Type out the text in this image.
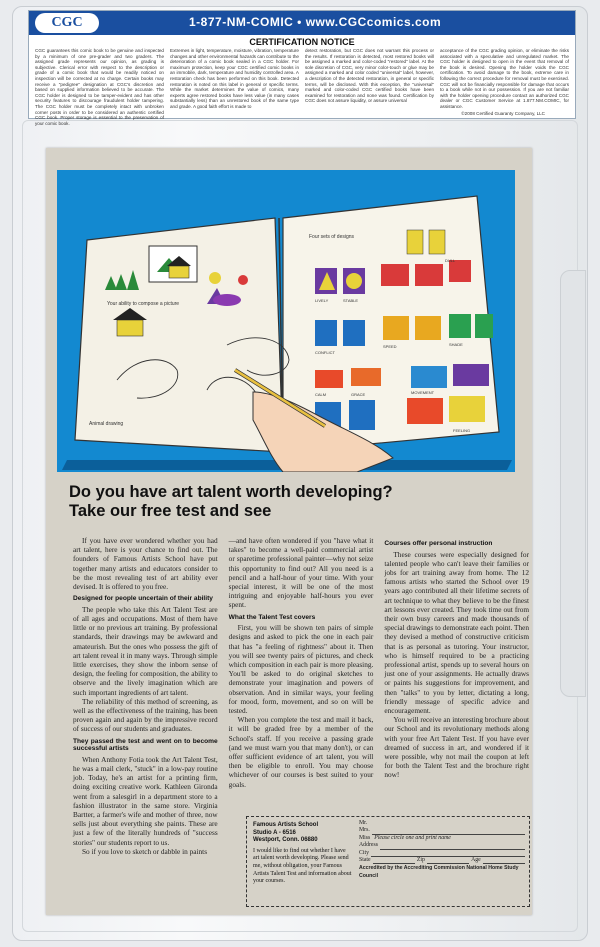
CGC	1-877-NM-COMIC • www.CGCcomics.com
CERTIFICATION NOTICE
CGC guarantees this comic book to be genuine and inspected by a minimum of one pre-grader and two graders. The assigned grade represents our opinion, as grading is subjective. Clerical error with respect to the description or grade of a comic book that would be readily noticed on inspection will be corrected at no charge. Certain books may receive a "pedigree" designation at CGC's discretion and based on supplied information believed to be accurate. The CGC holder is designed to be tamper-evident and has other security features to discourage fraudulent holder tampering. The CGC holder must be completely intact with unbroken corner posts in order to be considered an authentic certified CGC book. Proper storage is essential to the preservation of your comic book.
Extremes in light, temperature, moisture, vibration, temperature changes and other environmental hazards can contribute to the deterioration of a comic book sealed in a CGC holder. For maximum protection, keep your CGC certified comic books in an immobile, dark, temperature and humidity controlled area. A restoration check has been performed on this book. Detected restoration is noted on this label in general or specific terms. While the market determines the value of comics, many experts agree restored books have less value (in many cases substantially less) than an unrestored book of the same type and grade. A good faith effort is made to
detect restoration, but CGC does not warrant this process or the results. If restoration is detected, most restored books will be assigned a marked and color-coded "restored" label. At the sole discretion of CGC, very minor color-touch or glue may be assigned a marked and color coded "universal" label, however, a description of the detected restoration, in general or specific terms, will be disclosed. With this exception, the "universal" marked and color-coded CGC certified books have been examined for restoration and none was found. Certification by CGC does not assure liquidity, or assure universal
acceptance of the CGC grading opinion, or eliminate the risks associated with a speculative and unregulated market. The CGC holder is designed to open in the event that removal of the book is desired. Opening the holder voids the CGC certification. To avoid damage to the book, extreme care in following the correct procedure for removal must be exercised. CGC will not be financially responsible for damage that occurs to a book while not in our possession. If you are not familiar with the holder opening procedure contact an authorized CGC dealer or CGC Customer Service at 1.877.NM.COMIC, for assistance.
©2008 Certified Guaranty Company, LLC
Your ability to compose a picture
Animal drawing
Four sets of designs
LIVELY	STABLE
DULL
CONFLICT
SPEED	SHADE
CALM	GRACE	MOVEMENT
FEELING
Do you have art talent worth developing?
Take our free test and see

If you have ever wondered whether you had art talent, here is your chance to find out. The founders of Famous Artists School have put together many artists and educators consider to be the most revealing test of art ability ever devised. It is offered to you free.

Designed for people uncertain of their ability

The people who take this Art Talent Test are of all ages and occupations. Most of them have little or no previous art training. By professional standards, their drawings may be awkward and amateurish. But the ones who possess the gift of art talent reveal it in many ways. Through simple little exercises, they show the inborn sense of design, the feeling for composition, the ability to observe and the lively imagination which are such important ingredients of art talent.

The reliability of this method of screening, as well as the effectiveness of the training, has been proven again and again by the impressive record of success of our students and graduates.

They passed the test and went on to become successful artists

When Anthony Fotia took the Art Talent Test, he was a mail clerk, "stuck" in a low-pay routine job. Today, he's an artist for a printing firm, doing exciting creative work. Kathleen Gironda went from a salesgirl in a department store to a fashion illustrator in the same store. Virginia Bartter, a farmer's wife and mother of three, now sells just about everything she paints. These are just a few of the literally hundreds of "success stories" our students report to us.

So if you love to sketch or dabble in paints

—and have often wondered if you "have what it takes" to become a well-paid commercial artist or sparetime professional painter—why not seize this opportunity to find out? All you need is a pencil and a half-hour of your time. With your special interest, it will be one of the most intriguing and enjoyable half-hours you ever spent.

What the Talent Test covers

First, you will be shown ten pairs of simple designs and asked to pick the one in each pair that has "a feeling of rightness" about it. Then you will see twenty pairs of pictures, and check which composition in each pair is more pleasing. You'll be asked to do original sketches to demonstrate your imagination and powers of observation. And in similar ways, your feeling for mood, form, movement, and so on will be tested.

When you complete the test and mail it back, it will be graded free by a member of the School's staff. If you receive a passing grade (and we must warn you that many don't), or can offer sufficient evidence of art talent, you will then be eligible to enroll. You may choose whichever of our courses is best suited to your goals.

Courses offer personal instruction

These courses were especially designed for talented people who can't leave their families or jobs for art training away from home. The 12 famous artists who started the School over 19 years ago contributed all their lifetime secrets of art technique to what they believe to be the finest art lessons ever created. They took time out from their own busy careers and made thousands of special drawings to demonstrate each point. Then they devised a method of constructive criticism that is as personal as tutoring. Your instructor, who is himself required to be a practicing professional artist, spends up to several hours on just one of your assignments. He actually draws or paints his suggestions for improvement, and then "talks" to you by letter, dictating a long, friendly message of specific advice and encouragement.

You will receive an interesting brochure about our School and its revolutionary methods along with your free Art Talent Test. If you have ever dreamed of success in art, and wondered if it were possible, why not mail the coupon at left for both the Talent Test and the brochure right now!

Famous Artists School
Studio A - 6516
Westport, Conn. 06880
I would like to find out whether I have art talent worth developing. Please send me, without obligation, your Famous Artists Talent Test and information about your courses.
Mr.
Mrs.
Miss Please circle one and print name
Address
City
State	Zip	Age
Accredited by the Accrediting Commission National Home Study Council
